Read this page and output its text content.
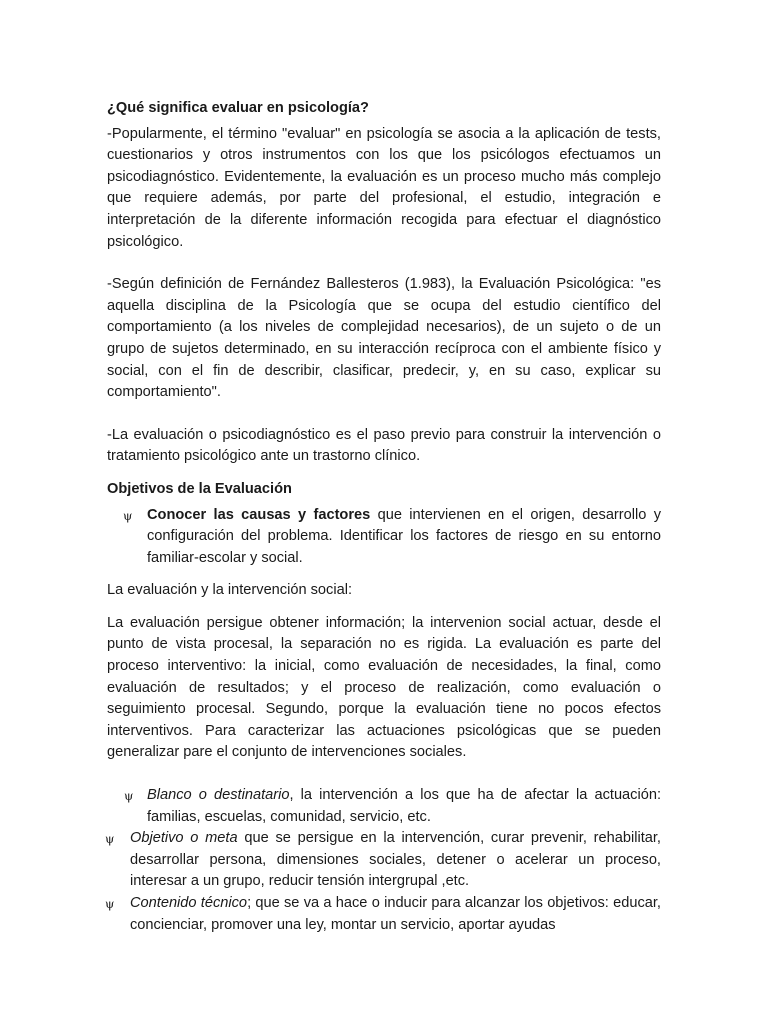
¿Qué significa evaluar en psicología?

-Popularmente, el término "evaluar" en psicología se asocia a la aplicación de tests, cuestionarios y otros instrumentos con los que los psicólogos efectuamos un psicodiagnóstico. Evidentemente, la evaluación es un proceso mucho más complejo que requiere además, por parte del profesional, el estudio, integración e interpretación de la diferente información recogida para efectuar el diagnóstico psicológico.

-Según definición de Fernández Ballesteros (1.983), la Evaluación Psicológica: "es aquella disciplina de la Psicología que se ocupa del estudio científico del comportamiento (a los niveles de complejidad necesarios), de un sujeto o de un grupo de sujetos determinado, en su interacción recíproca con el ambiente físico y social, con el fin de describir, clasificar, predecir, y, en su caso, explicar su comportamiento".

-La evaluación o psicodiagnóstico es el paso previo para construir la intervención o tratamiento psicológico ante un trastorno clínico.

Objetivos de la Evaluación
ψ Conocer las causas y factores que intervienen en el origen, desarrollo y configuración del problema. Identificar los factores de riesgo en su entorno familiar-escolar y social.

La evaluación y la intervención social:

La evaluación persigue obtener información; la intervenion social actuar, desde el punto de vista procesal, la separación no es rigida. La evaluación es parte del proceso interventivo: la inicial, como evaluación de necesidades, la final, como evaluación de resultados; y el proceso de realización, como evaluación o seguimiento procesal. Segundo, porque la evaluación tiene no pocos efectos interventivos. Para caracterizar las actuaciones psicológicas que se pueden generalizar pare el conjunto de intervenciones sociales.

ψ Blanco o destinatario, la intervención a los que ha de afectar la actuación: familias, escuelas, comunidad, servicio, etc.
ψ Objetivo o meta que se persigue en la intervención, curar prevenir, rehabilitar, desarrollar persona, dimensiones sociales, detener o acelerar un proceso, interesar a un grupo, reducir tensión intergrupal ,etc.
ψ Contenido técnico; que se va a hace o inducir para alcanzar los objetivos: educar, concienciar, promover una ley, montar un servicio, aportar ayudas
